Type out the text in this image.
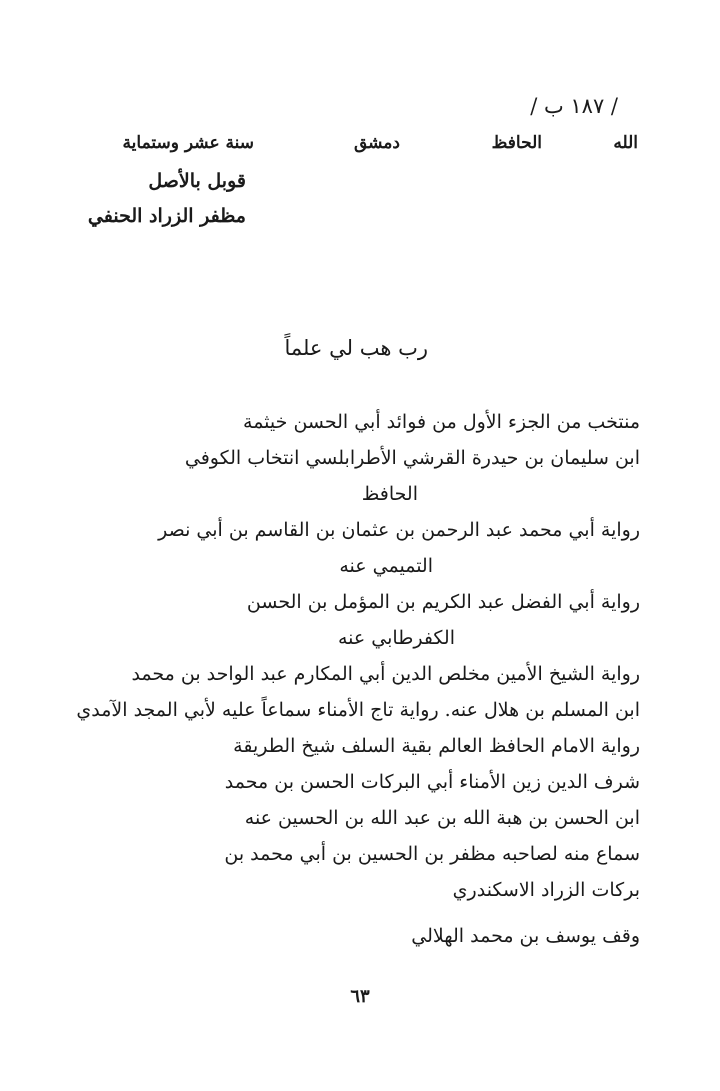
/ ١٨٧ ب /
الله
الحافظ
دمشق
سنة عشر وستماية
قوبل بالأصل
مظفر الزراد الحنفي
رب هب لي علماً
منتخب من الجزء الأول من فوائد أبي الحسن خيثمة
ابن سليمان بن حيدرة القرشي الأطرابلسي انتخاب الكوفي
الحافظ
رواية أبي محمد عبد الرحمن بن عثمان بن القاسم بن أبي نصر
التميمي عنه
رواية أبي الفضل عبد الكريم بن المؤمل بن الحسن
الكفرطابي عنه
رواية الشيخ الأمين مخلص الدين أبي المكارم عبد الواحد بن محمد
ابن المسلم بن هلال عنه. رواية تاج الأمناء سماعاً عليه لأبي المجد الآمدي
رواية الامام الحافظ العالم بقية السلف شيخ الطريقة
شرف الدين زين الأمناء أبي البركات الحسن بن محمد
ابن الحسن بن هبة الله بن عبد الله بن الحسين عنه
سماع منه لصاحبه مظفر بن الحسين بن أبي محمد بن
بركات الزراد الاسكندري
وقف يوسف بن محمد الهلالي
٦٣
